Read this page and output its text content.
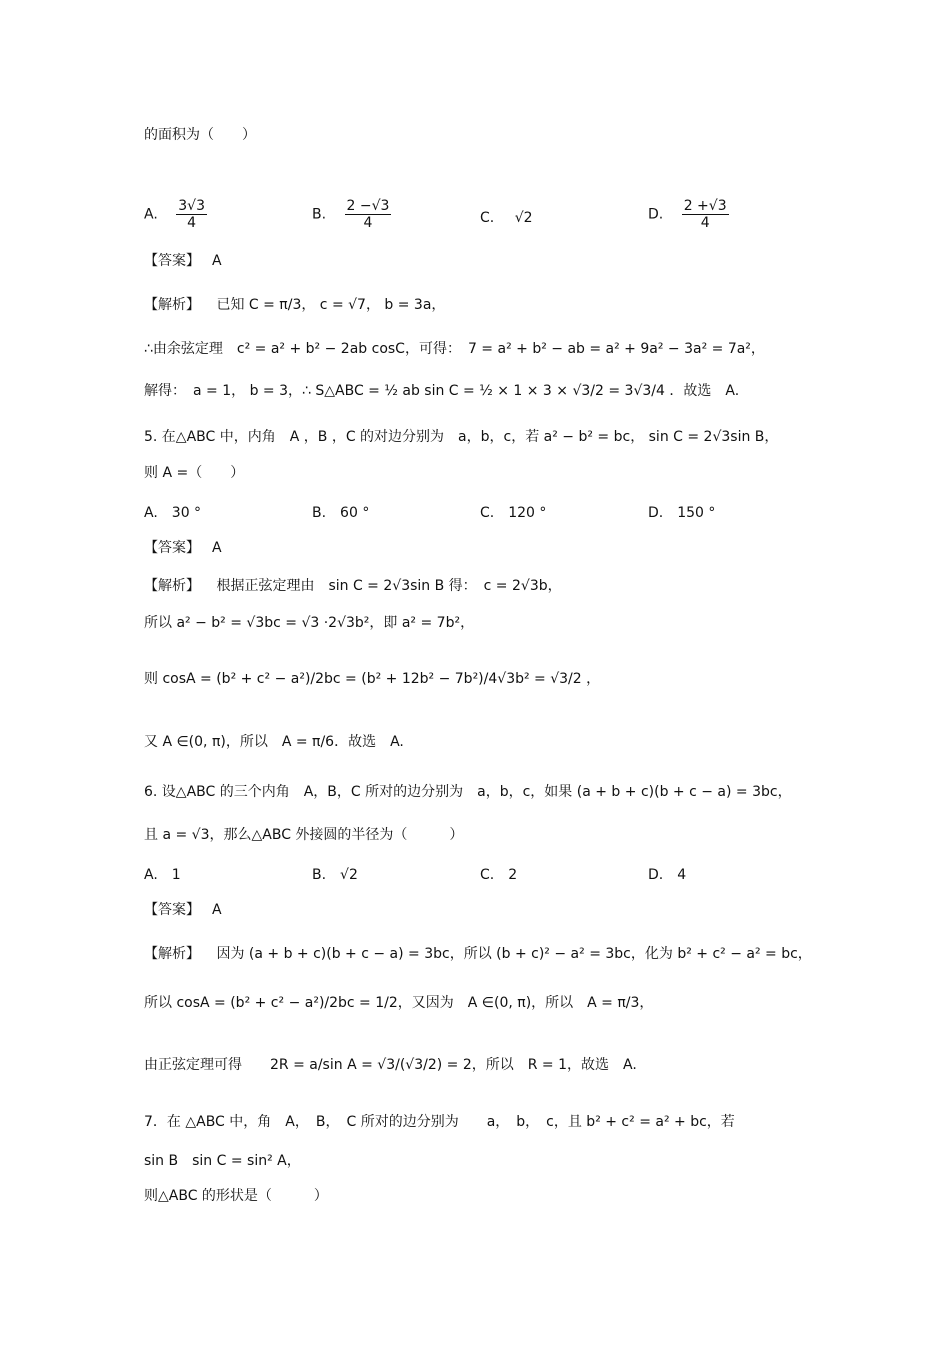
的面积为（　　）
A. $\frac{3√3}{4}$	B. $\frac{2 -√3}{4}$	C. √2	D. $\frac{2 +√3}{4}$
【答案】 A
【解析】 已知 C = π/3， c = √7， b = 3a，
∴由余弦定理　c² = a² + b² − 2ab cosC，可得：　7 = a² + b² − ab = a² + 9a² − 3a² = 7a²，
解得：　a = 1， b = 3，∴ S△ABC = ½ ab sin C = ½ × 1 × 3 × √3/2 = 3√3/4 ．故选　A.
5. 在△ABC 中，内角　A ，B ，C 的对边分别为　a，b，c，若 a² − b² = bc， sin C = 2√3sin B，
则 A =（　　）
A.　30 °	B.　60 °	C.　120 °	D.　150 °
【答案】 A
【解析】 根据正弦定理由　sin C = 2√3sin B 得：　c = 2√3b，
所以 a² − b² = √3bc = √3 ·2√3b²，即 a² = 7b²，
则 cosA = (b² + c² − a²)/2bc = (b² + 12b² − 7b²)/4√3b² = √3/2 ，
又 A ∈(0, π)，所以　A = π/6．故选　A.
6. 设△ABC 的三个内角　A，B，C 所对的边分别为　a，b，c，如果 (a + b + c)(b + c − a) = 3bc，
且 a = √3，那么△ABC 外接圆的半径为（　　　）
A.　1	B.　√2	C.　2	D.　4
【答案】 A
【解析】 因为 (a + b + c)(b + c − a) = 3bc，所以 (b + c)² − a² = 3bc，化为 b² + c² − a² = bc，
所以 cosA = (b² + c² − a²)/2bc = 1/2，又因为　A ∈(0, π)，所以　A = π/3，
由正弦定理可得　　2R = a/sin A = √3/(√3/2) = 2，所以　R = 1，故选　A.
7．在 △ABC 中，角　A，　B，　C 所对的边分别为　　a，　b，　c，且 b² + c² = a² + bc，若
sin B　sin C = sin² A，
则△ABC 的形状是（　　　）
